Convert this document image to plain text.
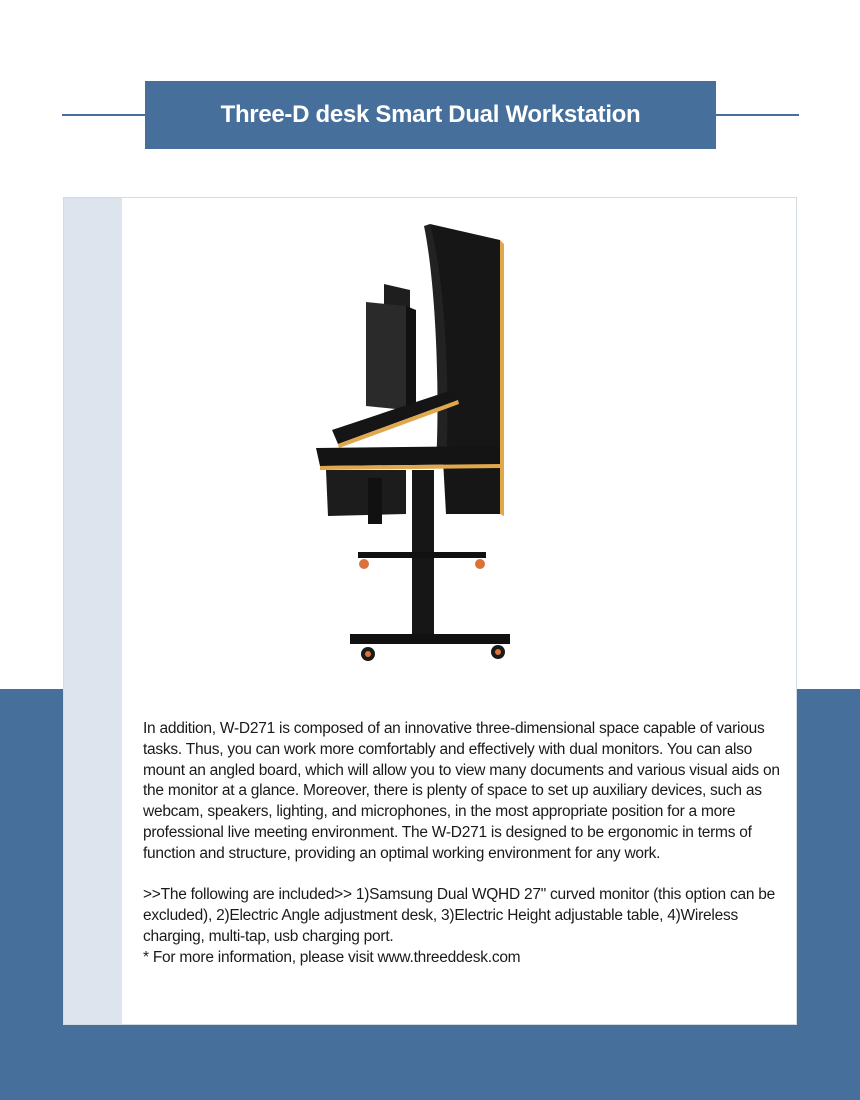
Three-D desk Smart Dual Workstation

In addition, W-D271 is composed of an innovative three-dimensional space capable of various tasks. Thus, you can work more comfortably and effectively with dual monitors. You can also mount an angled board, which will allow you to view many documents and various visual aids on the monitor at a glance. Moreover, there is plenty of space to set up auxiliary devices, such as webcam, speakers, lighting, and microphones, in the most appropriate position for a more professional live meeting environment. The W-D271 is designed to be ergonomic in terms of function and structure, providing an optimal working environment for any work.

>>The following are included>> 1)Samsung Dual WQHD 27" curved monitor (this option can be excluded), 2)Electric Angle adjustment desk, 3)Electric Height adjustable table, 4)Wireless charging, multi-tap, usb charging port.
* For more information, please visit www.threeddesk.com
